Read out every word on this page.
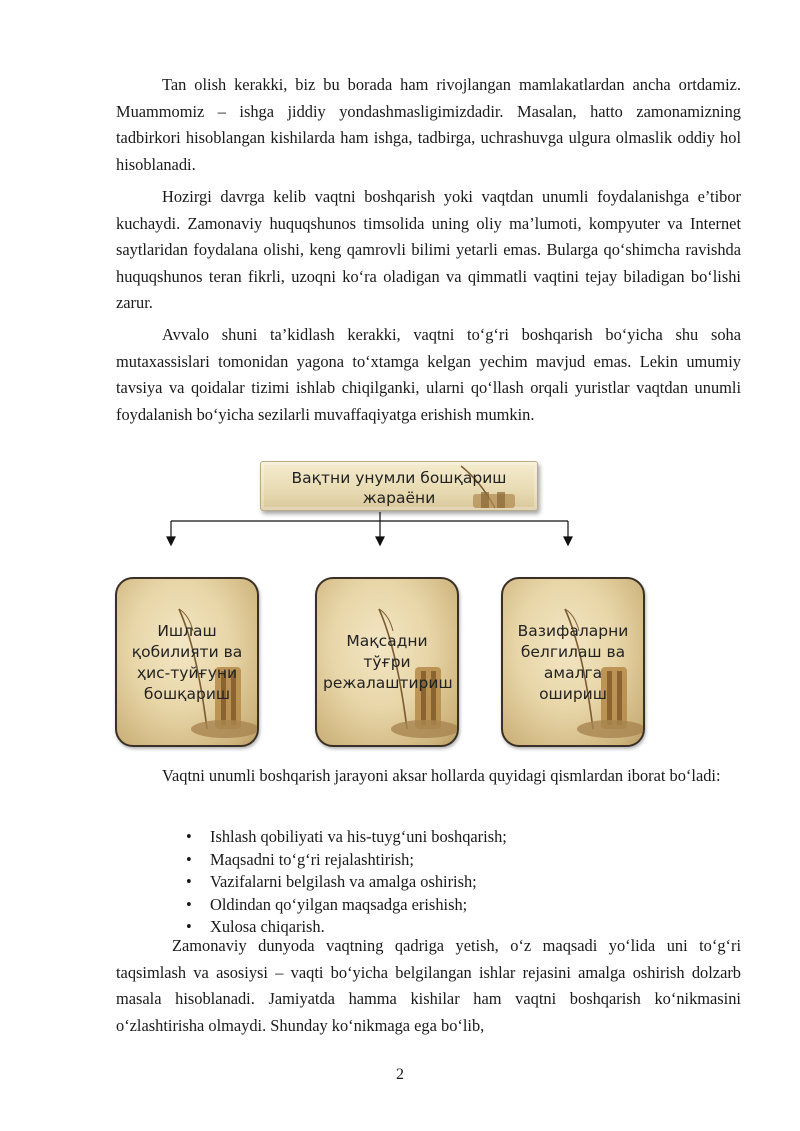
Tan olish kerakki, biz bu borada ham rivojlangan mamlakatlardan ancha ortdamiz. Muammomiz – ishga jiddiy yondashmasligimizdadir. Masalan, hatto zamonamizning tadbirkori hisoblangan kishilarda ham ishga, tadbirga, uchrashuvga ulgura olmaslik oddiy hol hisoblanadi.

Hozirgi davrga kelib vaqtni boshqarish yoki vaqtdan unumli foydalanishga e’tibor kuchaydi. Zamonaviy huquqshunos timsolida uning oliy ma’lumoti, kompyuter va Internet saytlaridan foydalana olishi, keng qamrovli bilimi yetarli emas. Bularga qo‘shimcha ravishda huquqshunos teran fikrli, uzoqni ko‘ra oladigan va qimmatli vaqtini tejay biladigan bo‘lishi zarur.

Avvalo shuni ta’kidlash kerakki, vaqtni to‘g‘ri boshqarish bo‘yicha shu soha mutaxassislari tomonidan yagona to‘xtamga kelgan yechim mavjud emas. Lekin umumiy tavsiya va qoidalar tizimi ishlab chiqilganki, ularni qo‘llash orqali yuristlar vaqtdan unumli foydalanish bo‘yicha sezilarli muvaffaqiyatga erishish mumkin.

Вақтни унумли бошқариш жараёни
Ишлаш қобилияти ва ҳис-туйғуни бошқариш
Мақсадни тўғри режалаштириш
Вазифаларни белгилаш ва амалга ошириш

Vaqtni unumli boshqarish jarayoni aksar hollarda quyidagi qismlardan iborat bo‘ladi:

• Ishlash qobiliyati va his-tuyg‘uni boshqarish;
• Maqsadni to‘g‘ri rejalashtirish;
• Vazifalarni belgilash va amalga oshirish;
• Oldindan qo‘yilgan maqsadga erishish;
• Xulosa chiqarish.

Zamonaviy dunyoda vaqtning qadriga yetish, o‘z maqsadi yo‘lida uni to‘g‘ri taqsimlash va asosiysi – vaqti bo‘yicha belgilangan ishlar rejasini amalga oshirish dolzarb masala hisoblanadi. Jamiyatda hamma kishilar ham vaqtni boshqarish ko‘nikmasini o‘zlashtirisha olmaydi. Shunday ko‘nikmaga ega bo‘lib,

2
